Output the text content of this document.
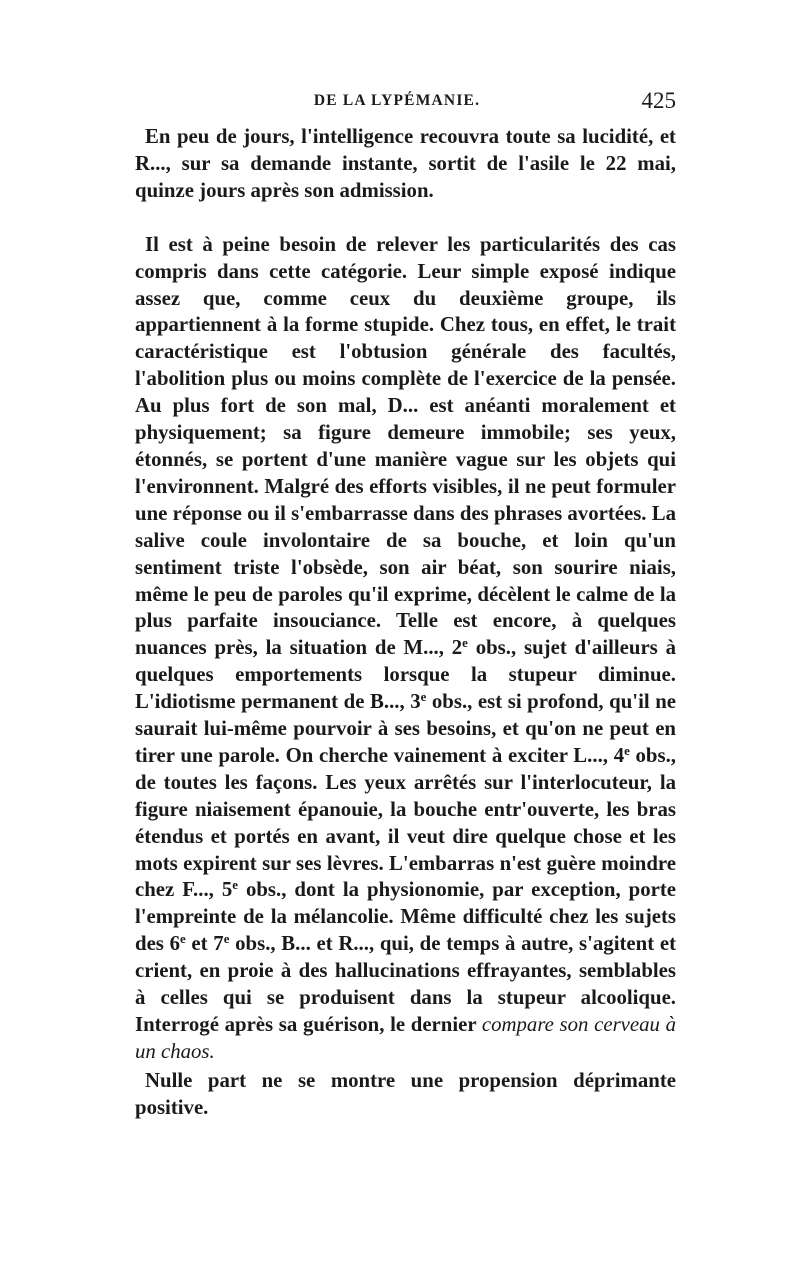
DE LA LYPÉMANIE.	425

En peu de jours, l'intelligence recouvra toute sa lucidité, et R..., sur sa demande instante, sortit de l'asile le 22 mai, quinze jours après son admission.

Il est à peine besoin de relever les particularités des cas compris dans cette catégorie. Leur simple exposé indique assez que, comme ceux du deuxième groupe, ils appartiennent à la forme stupide. Chez tous, en effet, le trait caractéristique est l'obtusion générale des facultés, l'abolition plus ou moins complète de l'exercice de la pensée. Au plus fort de son mal, D... est anéanti moralement et physiquement; sa figure demeure immobile; ses yeux, étonnés, se portent d'une manière vague sur les objets qui l'environnent. Malgré des efforts visibles, il ne peut formuler une réponse ou il s'embarrasse dans des phrases avortées. La salive coule involontaire de sa bouche, et loin qu'un sentiment triste l'obsède, son air béat, son sourire niais, même le peu de paroles qu'il exprime, décèlent le calme de la plus parfaite insouciance. Telle est encore, à quelques nuances près, la situation de M..., 2e obs., sujet d'ailleurs à quelques emportements lorsque la stupeur diminue. L'idiotisme permanent de B..., 3e obs., est si profond, qu'il ne saurait lui-même pourvoir à ses besoins, et qu'on ne peut en tirer une parole. On cherche vainement à exciter L..., 4e obs., de toutes les façons. Les yeux arrêtés sur l'interlocuteur, la figure niaisement épanouie, la bouche entr'ouverte, les bras étendus et portés en avant, il veut dire quelque chose et les mots expirent sur ses lèvres. L'embarras n'est guère moindre chez F..., 5e obs., dont la physionomie, par exception, porte l'empreinte de la mélancolie. Même difficulté chez les sujets des 6e et 7e obs., B... et R..., qui, de temps à autre, s'agitent et crient, en proie à des hallucinations effrayantes, semblables à celles qui se produisent dans la stupeur alcoolique. Interrogé après sa guérison, le dernier compare son cerveau à un chaos.

Nulle part ne se montre une propension déprimante positive.
